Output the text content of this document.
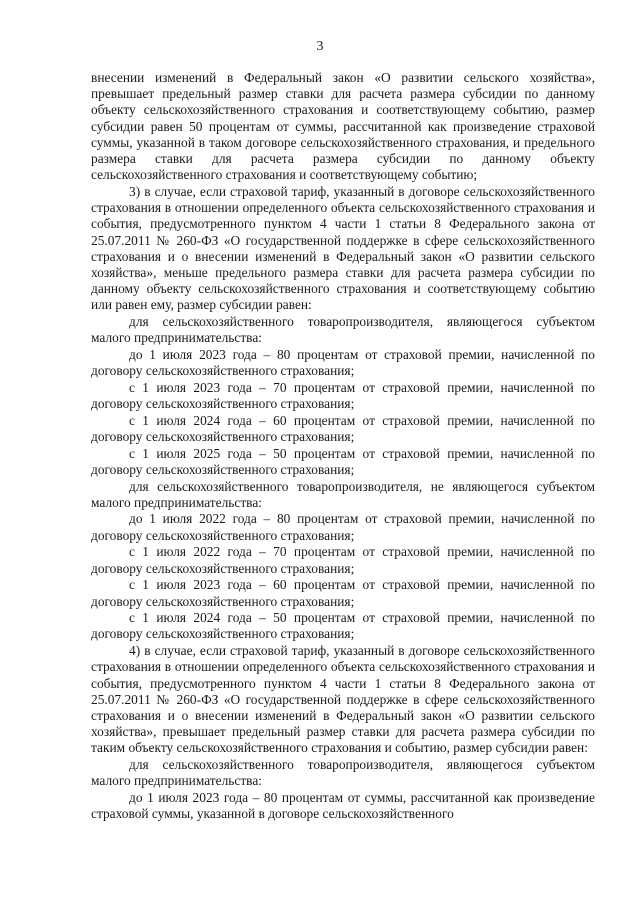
3

внесении изменений в Федеральный закон «О развитии сельского хозяйства», превышает предельный размер ставки для расчета размера субсидии по данному объекту сельскохозяйственного страхования и соответствующему событию, размер субсидии равен 50 процентам от суммы, рассчитанной как произведение страховой суммы, указанной в таком договоре сельскохозяйственного страхования, и предельного размера ставки для расчета размера субсидии по данному объекту сельскохозяйственного страхования и соответствующему событию;

3) в случае, если страховой тариф, указанный в договоре сельскохозяйственного страхования в отношении определенного объекта сельскохозяйственного страхования и события, предусмотренного пунктом 4 части 1 статьи 8 Федерального закона от 25.07.2011 № 260-ФЗ «О государственной поддержке в сфере сельскохозяйственного страхования и о внесении изменений в Федеральный закон «О развитии сельского хозяйства», меньше предельного размера ставки для расчета размера субсидии по данному объекту сельскохозяйственного страхования и соответствующему событию или равен ему, размер субсидии равен:

для сельскохозяйственного товаропроизводителя, являющегося субъектом малого предпринимательства:

до 1 июля 2023 года – 80 процентам от страховой премии, начисленной по договору сельскохозяйственного страхования;

с 1 июля 2023 года – 70 процентам от страховой премии, начисленной по договору сельскохозяйственного страхования;

с 1 июля 2024 года – 60 процентам от страховой премии, начисленной по договору сельскохозяйственного страхования;

с 1 июля 2025 года – 50 процентам от страховой премии, начисленной по договору сельскохозяйственного страхования;

для сельскохозяйственного товаропроизводителя, не являющегося субъектом малого предпринимательства:

до 1 июля 2022 года – 80 процентам от страховой премии, начисленной по договору сельскохозяйственного страхования;

с 1 июля 2022 года – 70 процентам от страховой премии, начисленной по договору сельскохозяйственного страхования;

с 1 июля 2023 года – 60 процентам от страховой премии, начисленной по договору сельскохозяйственного страхования;

с 1 июля 2024 года – 50 процентам от страховой премии, начисленной по договору сельскохозяйственного страхования;

4) в случае, если страховой тариф, указанный в договоре сельскохозяйственного страхования в отношении определенного объекта сельскохозяйственного страхования и события, предусмотренного пунктом 4 части 1 статьи 8 Федерального закона от 25.07.2011 № 260-ФЗ «О государственной поддержке в сфере сельскохозяйственного страхования и о внесении изменений в Федеральный закон «О развитии сельского хозяйства», превышает предельный размер ставки для расчета размера субсидии по таким объекту сельскохозяйственного страхования и событию, размер субсидии равен:

для сельскохозяйственного товаропроизводителя, являющегося субъектом малого предпринимательства:

до 1 июля 2023 года – 80 процентам от суммы, рассчитанной как произведение страховой суммы, указанной в договоре сельскохозяйственного
